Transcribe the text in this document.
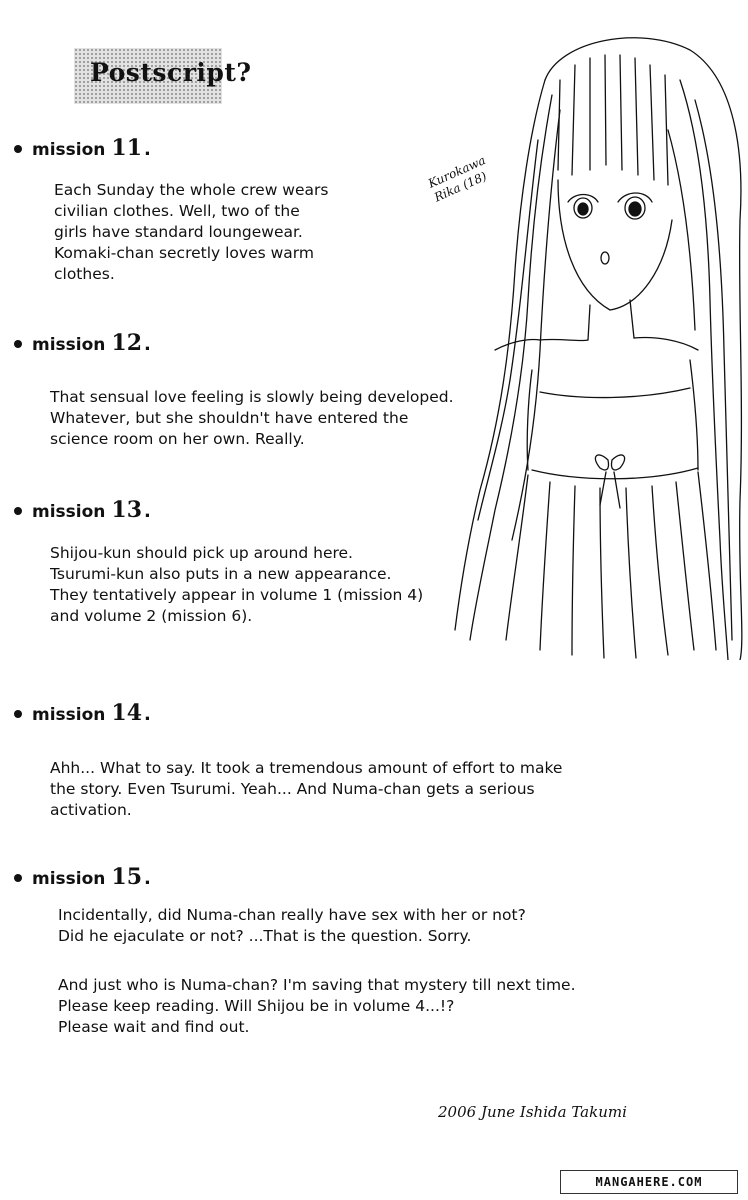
Postscript?
Kurokawa
Rika (18)
mission 11 .
Each Sunday the whole crew wears
civilian clothes. Well, two of the
girls have standard loungewear.
Komaki-chan secretly loves warm
clothes.
mission 12 .
That sensual love feeling is slowly being developed.
Whatever, but she shouldn't have entered the
science room on her own. Really.
mission 13 .
Shijou-kun should pick up around here.
Tsurumi-kun also puts in a new appearance.
They tentatively appear in volume 1 (mission 4)
and volume 2 (mission 6).
mission 14 .
Ahh... What to say. It took a tremendous amount of effort to make
the story. Even Tsurumi. Yeah... And Numa-chan gets a serious
activation.
mission 15 .
Incidentally, did Numa-chan really have sex with her or not?
Did he ejaculate or not? ...That is the question. Sorry.
And just who is Numa-chan? I'm saving that mystery till next time.
Please keep reading. Will Shijou be in volume 4...!?
Please wait and find out.
2006 June Ishida Takumi
MANGAHERE.COM
